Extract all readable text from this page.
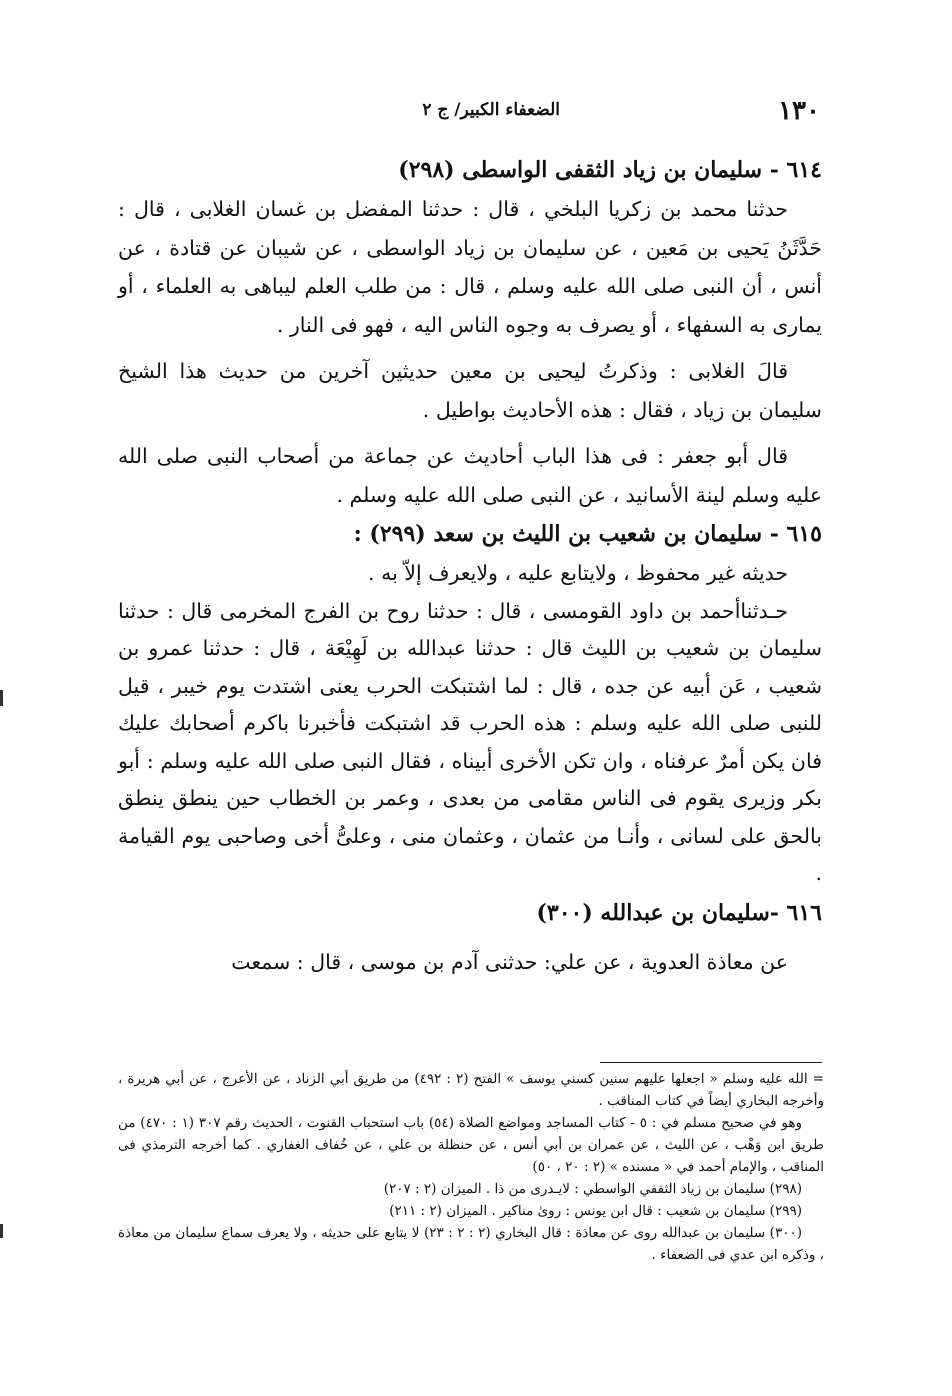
١٣٠
الضعفاء الكبير/ ج ٢

٦١٤ - سليمان بن زياد الثقفى الواسطى (٢٩٨)

حدثنا محمد بن زكريا البلخي ، قال : حدثنا المفضل بن غسان الغلابى ، قال : حَدَّثَنُ يَحيى بن مَعين ، عن سليمان بن زياد الواسطى ، عن شيبان عن قتادة ، عن أنس ، أن النبى صلى الله عليه وسلم ، قال : من طلب العلم ليباهى به العلماء ، أو يمارى به السفهاء ، أو يصرف به وجوه الناس اليه ، فهو فى النار .

قالَ الغلابى : وذكرتُ ليحيى بن معين حديثين آخرين من حديث هذا الشيخ سليمان بن زياد ، فقال : هذه الأحاديث بواطيل .

قال أبو جعفر : فى هذا الباب أحاديث عن جماعة من أصحاب النبى صلى الله عليه وسلم لينة الأسانيد ، عن النبى صلى الله عليه وسلم .

٦١٥ - سليمان بن شعيب بن الليث بن سعد (٢٩٩) :

حديثه غير محفوظ ، ولايتابع عليه ، ولايعرف إلاّ به .

حـدثناأحمد بن داود القومسى ، قال : حدثنا روح بن الفرج المخرمى قال : حدثنا سليمان بن شعيب بن الليث قال : حدثنا عبدالله بن لَهِيْعَة ، قال : حدثنا عمرو بن شعيب ، عَن أبيه عن جده ، قال : لما اشتبكت الحرب يعنى اشتدت يوم خيبر ، قيل للنبى صلى الله عليه وسلم : هذه الحرب قد اشتبكت فأخبرنا باكرم أصحابك عليك فان يكن أمرٌ عرفناه ، وان تكن الأخرى أبيناه ، فقال النبى صلى الله عليه وسلم : أبو بكر وزيرى يقوم فى الناس مقامى من بعدى ، وعمر بن الخطاب حين ينطق ينطق بالحق على لسانى ، وأنـا من عثمان ، وعثمان منى ، وعلىُّ أخى وصاحبى يوم القيامة .

٦١٦ -سليمان بن عبدالله (٣٠٠)

عن معاذة العدوية ، عن علي: حدثنى آدم بن موسى ، قال : سمعت

= الله عليه وسلم « اجعلها عليهم سنين كسني يوسف » الفتح (٢ : ٤٩٢) من طريق أبي الزناد ، عن الأعرج ، عن أبي هريرة ، وأخرجه البخاري أيضاً في كتاب المناقب .

وهو في صحيح مسلم في : ٥ - كتاب المساجد ومواضع الصلاة (٥٤) باب استحباب القنوت ، الحديث رقم ٣٠٧ (١ : ٤٧٠) من طريق ابن وَهْب ، عن الليث ، عن عمران بن أبي أنس ، عن حنظلة بن علي ، عن خُفاف الغفاري . كما أخرجه الترمذي فى المناقب ، والإمام أحمد في « مسنده » (٢ : ٢٠ ، ٥٠)

(٢٩٨) سليمان بن زياد الثقفي الواسطي : لايـدرى من ذا . الميزان (٢ : ٢٠٧)

(٢٩٩) سليمان بن شعيب : قال ابن يونس : روىٰ مناكير . الميزان (٢ : ٢١١)

(٣٠٠) سليمان بن عبدالله روى عن معاذة : قال البخاري (٢ : ٢ : ٢٣) لا يتابع على حديثه ، ولا يعرف سماع سليمان من معاذة ، وذكره ابن عدي فى الضعفاء .
